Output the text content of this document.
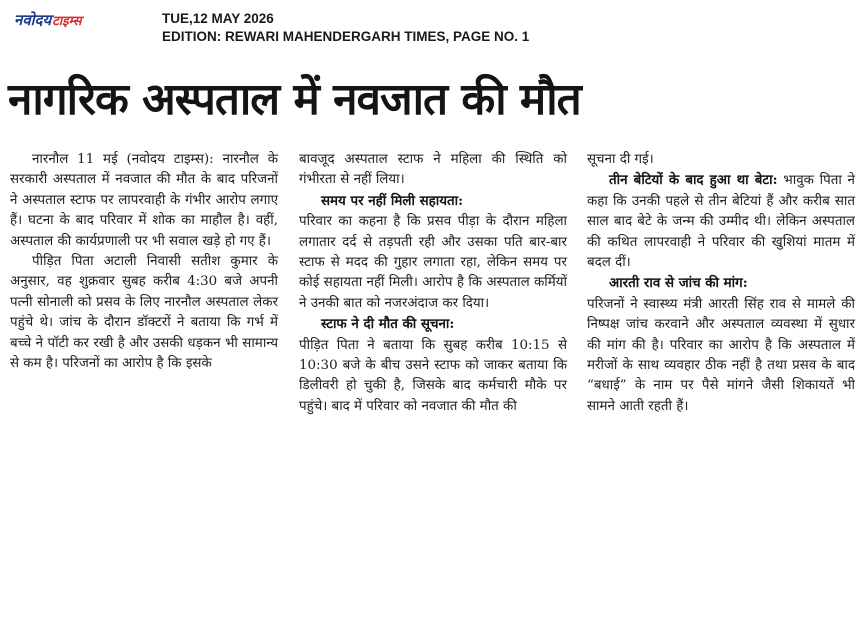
नवोदयटाइम्स	TUE,12 MAY 2026
EDITION: REWARI MAHENDERGARH TIMES, PAGE NO. 1
नागरिक अस्पताल में नवजात की मौत

नारनौल 11 मई (नवोदय टाइम्स): नारनौल के सरकारी अस्पताल में नवजात की मौत के बाद परिजनों ने अस्पताल स्टाफ पर लापरवाही के गंभीर आरोप लगाए हैं। घटना के बाद परिवार में शोक का माहौल है। वहीं, अस्पताल की कार्यप्रणाली पर भी सवाल खड़े हो गए हैं।

पीड़ित पिता अटाली निवासी सतीश कुमार के अनुसार, वह शुक्रवार सुबह करीब 4:30 बजे अपनी पत्नी सोनाली को प्रसव के लिए नारनौल अस्पताल लेकर पहुंचे थे। जांच के दौरान डॉक्टरों ने बताया कि गर्भ में बच्चे ने पॉटी कर रखी है और उसकी धड़कन भी सामान्य से कम है। परिजनों का आरोप है कि इसके

बावजूद अस्पताल स्टाफ ने महिला की स्थिति को गंभीरता से नहीं लिया।

समय पर नहीं मिली सहायता:

परिवार का कहना है कि प्रसव पीड़ा के दौरान महिला लगातार दर्द से तड़पती रही और उसका पति बार-बार स्टाफ से मदद की गुहार लगाता रहा, लेकिन समय पर कोई सहायता नहीं मिली। आरोप है कि अस्पताल कर्मियों ने उनकी बात को नजरअंदाज कर दिया।

स्टाफ ने दी मौत की सूचना:

पीड़ित पिता ने बताया कि सुबह करीब 10:15 से 10:30 बजे के बीच उसने स्टाफ को जाकर बताया कि डिलीवरी हो चुकी है, जिसके बाद कर्मचारी मौके पर पहुंचे। बाद में परिवार को नवजात की मौत की

सूचना दी गई।

तीन बेटियों के बाद हुआ था बेटा: भावुक पिता ने कहा कि उनकी पहले से तीन बेटियां हैं और करीब सात साल बाद बेटे के जन्म की उम्मीद थी। लेकिन अस्पताल की कथित लापरवाही ने परिवार की खुशियां मातम में बदल दीं।

आरती राव से जांच की मांग:

परिजनों ने स्वास्थ्य मंत्री आरती सिंह राव से मामले की निष्पक्ष जांच करवाने और अस्पताल व्यवस्था में सुधार की मांग की है। परिवार का आरोप है कि अस्पताल में मरीजों के साथ व्यवहार ठीक नहीं है तथा प्रसव के बाद “बधाई” के नाम पर पैसे मांगने जैसी शिकायतें भी सामने आती रहती हैं।
